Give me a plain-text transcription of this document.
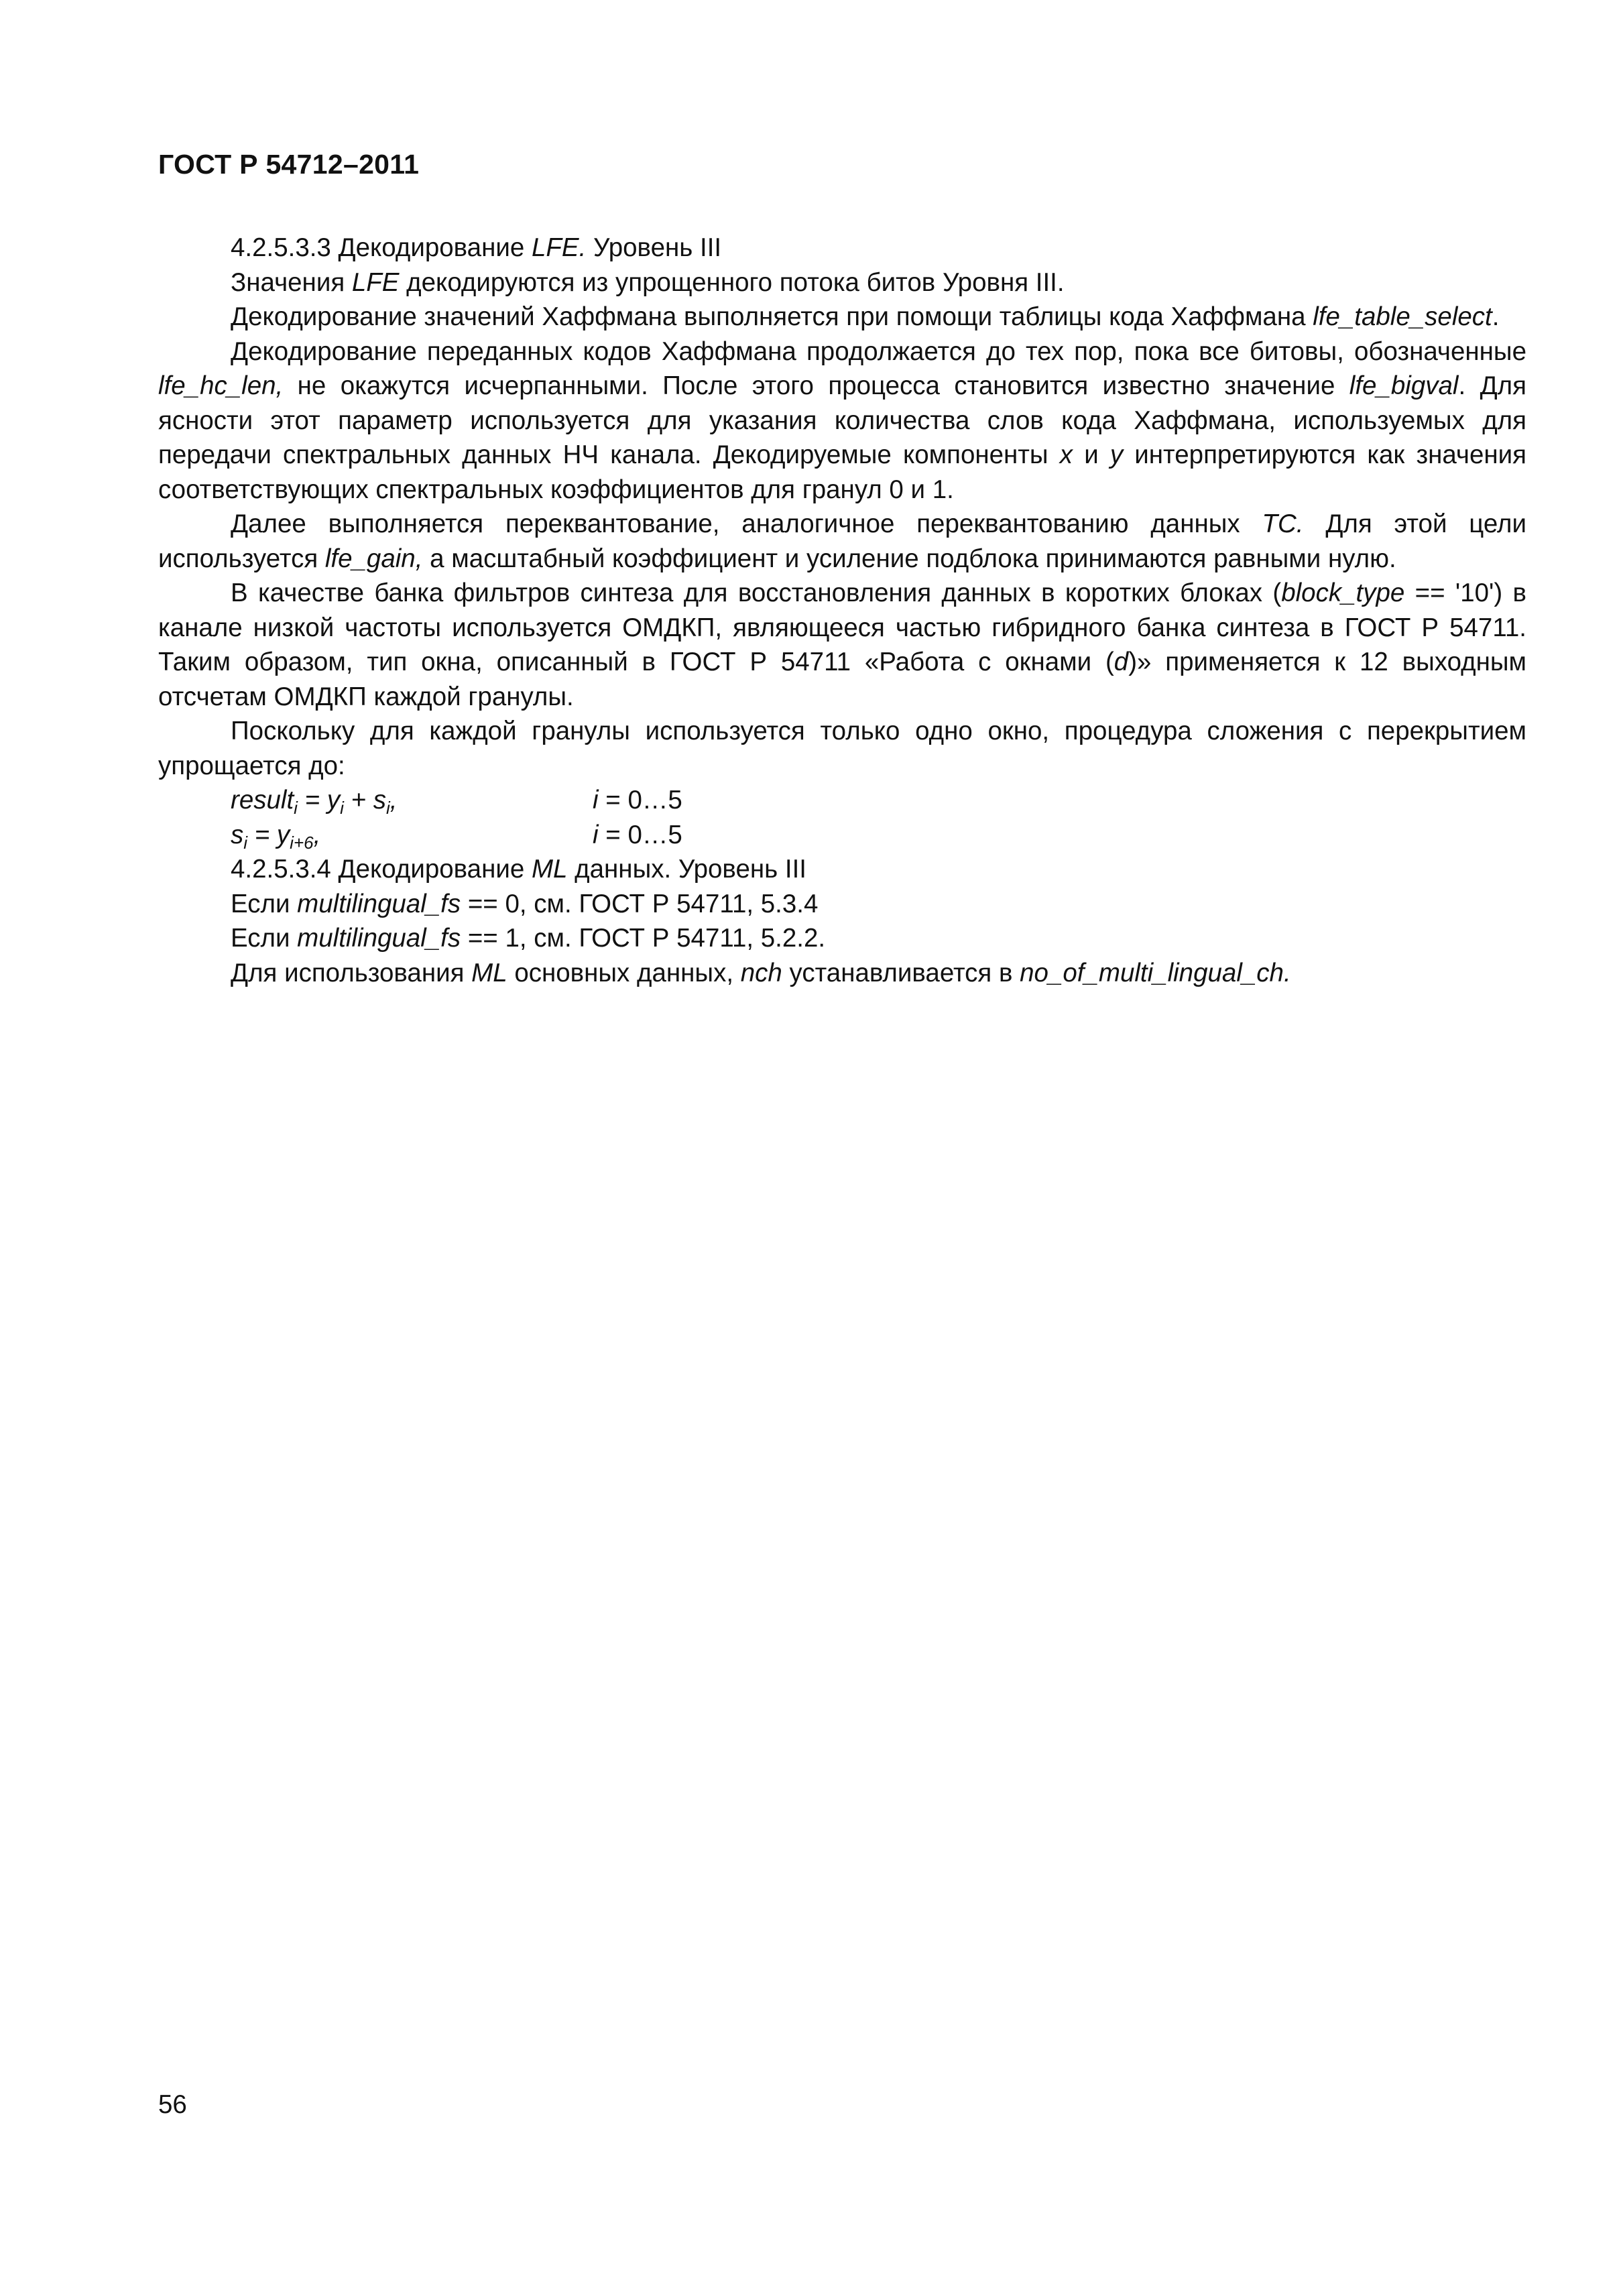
ГОСТ Р 54712–2011

4.2.5.3.3 Декодирование LFE. Уровень III

Значения LFE декодируются из упрощенного потока битов Уровня III.

Декодирование значений Хаффмана выполняется при помощи таблицы кода Хаффмана lfe_table_select.

Декодирование переданных кодов Хаффмана продолжается до тех пор, пока все битовы, обозначенные lfe_hc_len, не окажутся исчерпанными. После этого процесса становится известно значение lfe_bigval. Для ясности этот параметр используется для указания количества слов кода Хаффмана, используемых для передачи спектральных данных НЧ канала. Декодируемые компоненты x и y интерпретируются как значения соответствующих спектральных коэффициентов для гранул 0 и 1.

Далее выполняется переквантование, аналогичное переквантованию данных TC. Для этой цели используется lfe_gain, а масштабный коэффициент и усиление подблока принимаются равными нулю.

В качестве банка фильтров синтеза для восстановления данных в коротких блоках (block_type == '10') в канале низкой частоты используется ОМДКП, являющееся частью гибридного банка синтеза в ГОСТ Р 54711. Таким образом, тип окна, описанный в ГОСТ Р 54711 «Работа с окнами (d)» применяется к 12 выходным отсчетам ОМДКП каждой гранулы.

Поскольку для каждой гранулы используется только одно окно, процедура сложения с перекрытием упрощается до:

result$_i$ = $y_i + s_i$,	i = 0…5
$s_i = y_{i+6}$,	i = 0…5

4.2.5.3.4 Декодирование ML данных. Уровень III

Если multilingual_fs == 0, см. ГОСТ Р 54711, 5.3.4

Если multilingual_fs == 1, см. ГОСТ Р 54711, 5.2.2.

Для использования ML основных данных, nch устанавливается в no_of_multi_lingual_ch.

56
